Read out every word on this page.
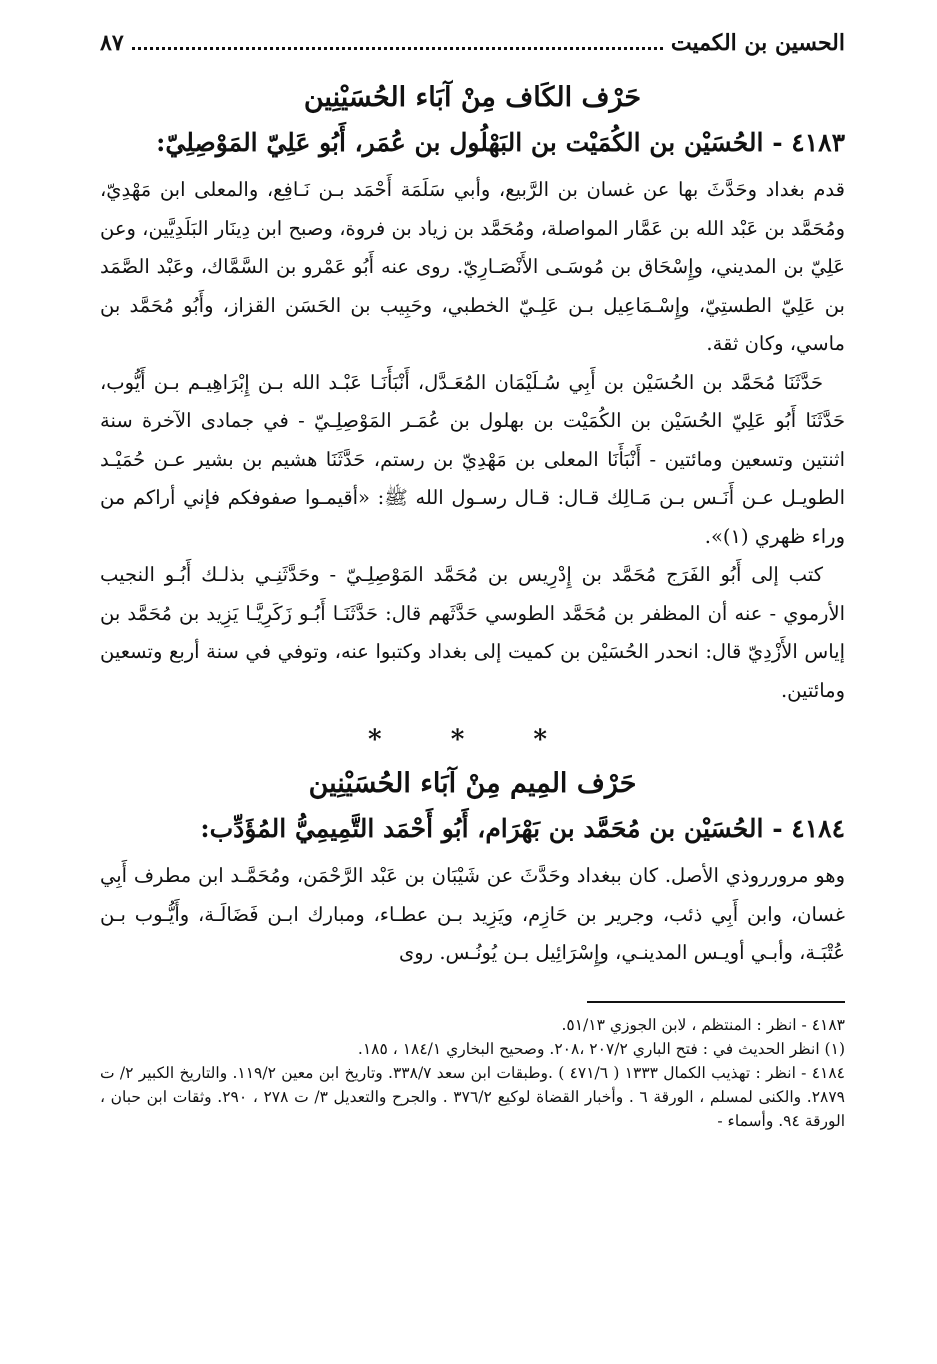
الحسين بن الكميت
٨٧
حَرْف الكَاف مِنْ آبَاء الحُسَيْنِين
٤١٨٣ - الحُسَيْن بن الكُمَيْت بن البَهْلُول بن عُمَر، أَبُو عَلِيّ المَوْصِلِيّ:

قدم بغداد وحَدَّثَ بها عن غسان بن الرَّبيع، وأبي سَلَمَة أَحْمَد بـن نَـافِع، والمعلى ابن مَهْدِيّ، ومُحَمَّد بن عَبْد الله بن عَمَّار المواصلة، ومُحَمَّد بن زياد بن فروة، وصبح ابن دِينَار البَلَدِيَّين، وعن عَلِيّ بن المديني، وإِسْحَاق بن مُوسَـى الأَنْصَـارِيّ. روى عنه أَبُو عَمْرو بن السَّمَّاك، وعَبْد الصَّمَد بن عَلِيّ الطستِيّ، وإِسْـمَاعِيل بـن عَلِـيّ الخطبي، وحَبِيب بن الحَسَن القزاز، وأَبُو مُحَمَّد بن ماسي، وكان ثقة.

حَدَّثَنَا مُحَمَّد بن الحُسَيْن بن أَبِي سُـلَيْمَان المُعَـدَّل، أَنْبَأَنَـا عَبْـد الله بـن إِبْرَاهِيـم بـن أَيُّوب، حَدَّثَنَا أَبُو عَلِيّ الحُسَيْن بن الكُمَيْت بن بهلول بن عُمَـر المَوْصِلِـيّ - في جمادى الآخرة سنة اثنتين وتسعين ومائتين - أَنْبَأَنَا المعلى بن مَهْدِيّ بن رستم، حَدَّثَنَا هشيم بن بشير عـن حُمَيْـد الطويـل عـن أَنَـس بـن مَـالِك قـال: قـال رسـول الله ﷺ: «أقيمـوا صفوفكم فإني أراكم من وراء ظهري (١)».

كتب إلى أَبُو الفَرَج مُحَمَّد بن إِدْرِيس بن مُحَمَّد المَوْصِلِـيّ - وحَدَّثَنِـي بذلـك أَبُـو النجيب الأرموي - عنه أن المظفر بن مُحَمَّد الطوسي حَدَّثَهم قال: حَدَّثَنَـا أَبُـو زَكَرِيَّـا يَزِيد بن مُحَمَّد بن إياس الأَزْدِيّ قال: انحدر الحُسَيْن بن كميت إلى بغداد وكتبوا عنه، وتوفي في سنة أربع وتسعين ومائتين.

* * *
حَرْف المِيم مِنْ آبَاء الحُسَيْنِين
٤١٨٤ - الحُسَيْن بن مُحَمَّد بن بَهْرَام، أَبُو أَحْمَد التَّمِيمِيُّ المُؤَدِّب:

وهو مرورروذي الأصل. كان ببغداد وحَدَّثَ عن شَيْبَان بن عَبْد الرَّحْمَن، ومُحَمَّـد ابن مطرف أَبِي غسان، وابن أَبِي ذئب، وجرير بن حَازِم، ويَزِيد بـن عطـاء، ومبارك ابـن فَضَالَـة، وأَيُّـوب بـن عُتْبَـة، وأبـي أويـس المدينـي، وإِسْرَائِيل بـن يُونُـس. روى

٤١٨٣ - انظر : المنتظم ، لابن الجوزي ٥١/١٣.

(١) انظر الحديث في : فتح الباري ٢٠٧/٢ ،٢٠٨. وصحيح البخاري ١٨٤/١ ، ١٨٥.

٤١٨٤ - انظر : تهذيب الكمال ١٣٣٣ ( ٤٧١/٦ ) .وطبقات ابن سعد ٣٣٨/٧. وتاريخ ابن معين ١١٩/٢. والتاريخ الكبير ٢/ ت ٢٨٧٩. والكنى لمسلم ، الورقة ٦ . وأخبار القضاة لوكيع ٣٧٦/٢ . والجرح والتعديل ٣/ ت ٢٧٨ ، ٢٩٠. وثقات ابن حبان ، الورقة ٩٤. وأسماء -
